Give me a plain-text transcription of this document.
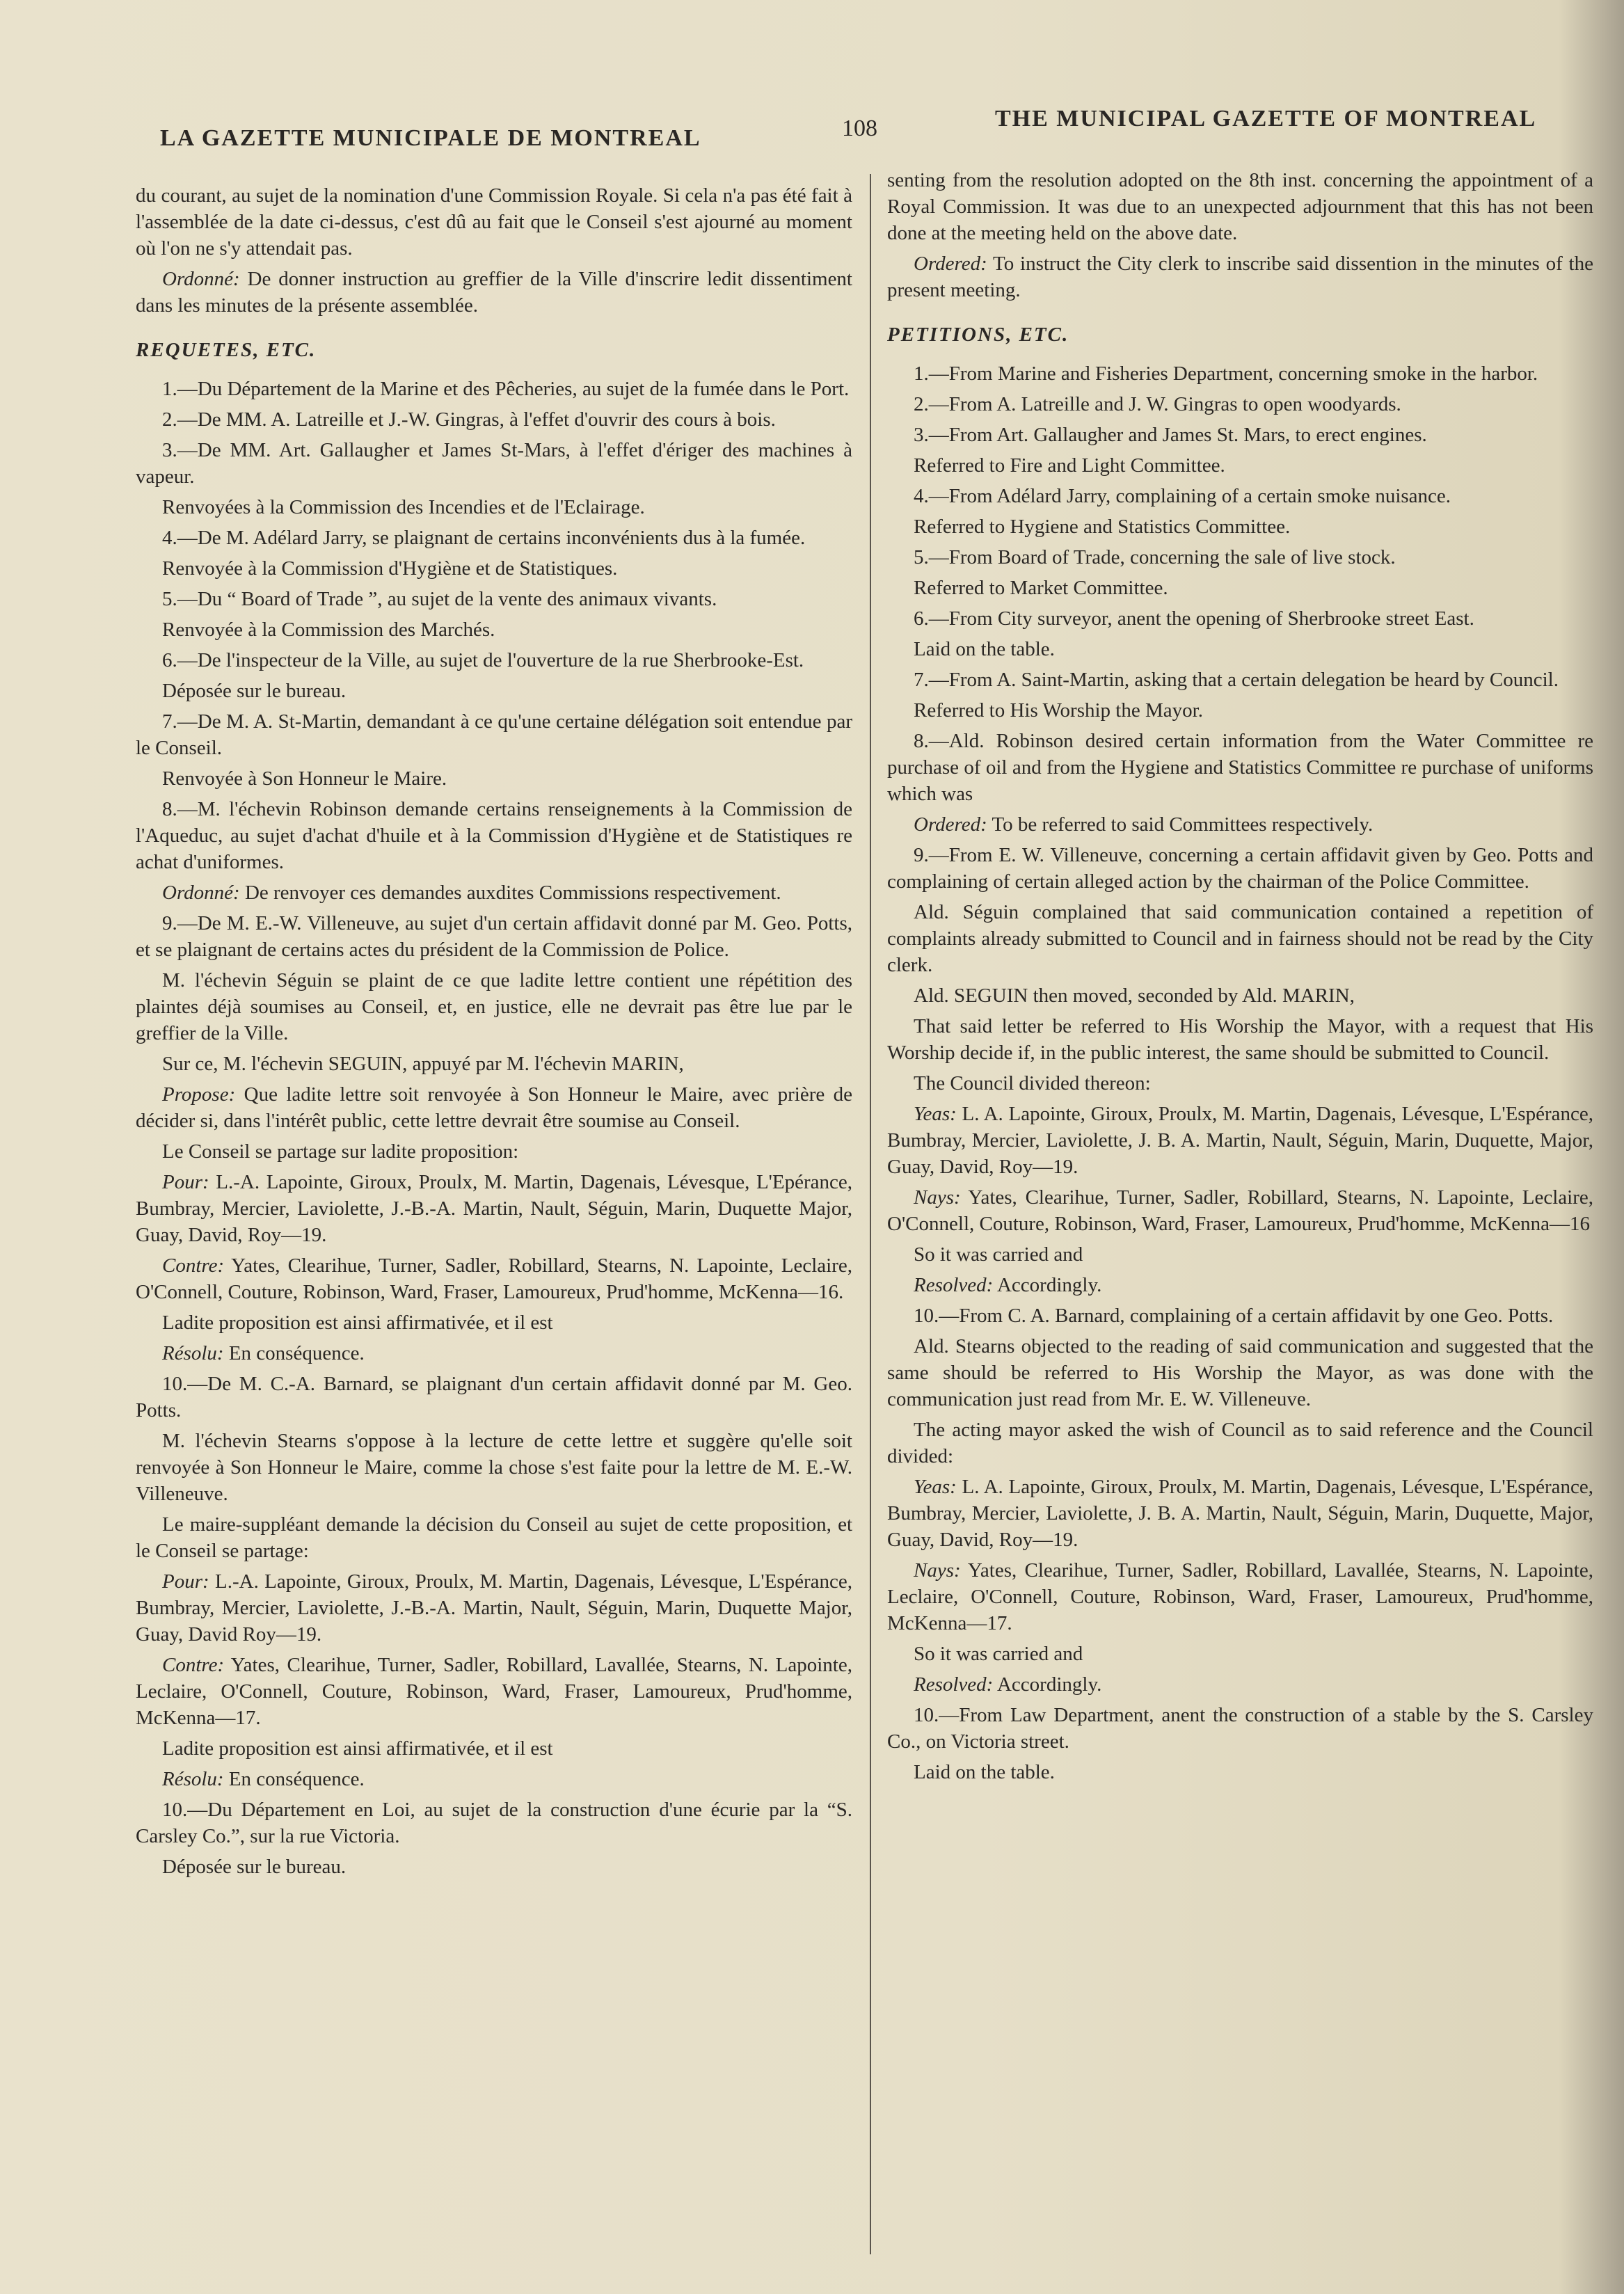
LA GAZETTE MUNICIPALE DE MONTREAL	108	THE MUNICIPAL GAZETTE OF MONTREAL

du courant, au sujet de la nomination d'une Commission Royale. Si cela n'a pas été fait à l'assemblée de la date ci-dessus, c'est dû au fait que le Conseil s'est ajourné au moment où l'on ne s'y attendait pas.

Ordonné: De donner instruction au greffier de la Ville d'inscrire ledit dissentiment dans les minutes de la présente assemblée.

REQUETES, ETC.

1.—Du Département de la Marine et des Pêcheries, au sujet de la fumée dans le Port.

2.—De MM. A. Latreille et J.-W. Gingras, à l'effet d'ouvrir des cours à bois.

3.—De MM. Art. Gallaugher et James St-Mars, à l'effet d'ériger des machines à vapeur.

Renvoyées à la Commission des Incendies et de l'Eclairage.

4.—De M. Adélard Jarry, se plaignant de certains inconvénients dus à la fumée.

Renvoyée à la Commission d'Hygiène et de Statistiques.

5.—Du “ Board of Trade ”, au sujet de la vente des animaux vivants.

Renvoyée à la Commission des Marchés.

6.—De l'inspecteur de la Ville, au sujet de l'ouverture de la rue Sherbrooke-Est.

Déposée sur le bureau.

7.—De M. A. St-Martin, demandant à ce qu'une certaine délégation soit entendue par le Conseil.

Renvoyée à Son Honneur le Maire.

8.—M. l'échevin Robinson demande certains renseignements à la Commission de l'Aqueduc, au sujet d'achat d'huile et à la Commission d'Hygiène et de Statistiques re achat d'uniformes.

Ordonné: De renvoyer ces demandes auxdites Commissions respectivement.

9.—De M. E.-W. Villeneuve, au sujet d'un certain affidavit donné par M. Geo. Potts, et se plaignant de certains actes du président de la Commission de Police.

M. l'échevin Séguin se plaint de ce que ladite lettre contient une répétition des plaintes déjà soumises au Conseil, et, en justice, elle ne devrait pas être lue par le greffier de la Ville.

Sur ce, M. l'échevin SEGUIN, appuyé par M. l'échevin MARIN,

Propose: Que ladite lettre soit renvoyée à Son Honneur le Maire, avec prière de décider si, dans l'intérêt public, cette lettre devrait être soumise au Conseil.

Le Conseil se partage sur ladite proposition:

Pour: L.-A. Lapointe, Giroux, Proulx, M. Martin, Dagenais, Lévesque, L'Epérance, Bumbray, Mercier, Laviolette, J.-B.-A. Martin, Nault, Séguin, Marin, Duquette Major, Guay, David, Roy—19.

Contre: Yates, Clearihue, Turner, Sadler, Robillard, Stearns, N. Lapointe, Leclaire, O'Connell, Couture, Robinson, Ward, Fraser, Lamoureux, Prud'homme, McKenna—16.

Ladite proposition est ainsi affirmativée, et il est

Résolu: En conséquence.

10.—De M. C.-A. Barnard, se plaignant d'un certain affidavit donné par M. Geo. Potts.

M. l'échevin Stearns s'oppose à la lecture de cette lettre et suggère qu'elle soit renvoyée à Son Honneur le Maire, comme la chose s'est faite pour la lettre de M. E.-W. Villeneuve.

Le maire-suppléant demande la décision du Conseil au sujet de cette proposition, et le Conseil se partage:

Pour: L.-A. Lapointe, Giroux, Proulx, M. Martin, Dagenais, Lévesque, L'Espérance, Bumbray, Mercier, Laviolette, J.-B.-A. Martin, Nault, Séguin, Marin, Duquette Major, Guay, David Roy—19.

Contre: Yates, Clearihue, Turner, Sadler, Robillard, Lavallée, Stearns, N. Lapointe, Leclaire, O'Connell, Couture, Robinson, Ward, Fraser, Lamoureux, Prud'homme, McKenna—17.

Ladite proposition est ainsi affirmativée, et il est

Résolu: En conséquence.

10.—Du Département en Loi, au sujet de la construction d'une écurie par la “S. Carsley Co.”, sur la rue Victoria.

Déposée sur le bureau.

senting from the resolution adopted on the 8th inst. concerning the appointment of a Royal Commission. It was due to an unexpected adjournment that this has not been done at the meeting held on the above date.

Ordered: To instruct the City clerk to inscribe said dissention in the minutes of the present meeting.

PETITIONS, ETC.

1.—From Marine and Fisheries Department, concerning smoke in the harbor.

2.—From A. Latreille and J. W. Gingras to open woodyards.

3.—From Art. Gallaugher and James St. Mars, to erect engines.

Referred to Fire and Light Committee.

4.—From Adélard Jarry, complaining of a certain smoke nuisance.

Referred to Hygiene and Statistics Committee.

5.—From Board of Trade, concerning the sale of live stock.

Referred to Market Committee.

6.—From City surveyor, anent the opening of Sherbrooke street East.

Laid on the table.

7.—From A. Saint-Martin, asking that a certain delegation be heard by Council.

Referred to His Worship the Mayor.

8.—Ald. Robinson desired certain information from the Water Committee re purchase of oil and from the Hygiene and Statistics Committee re purchase of uniforms which was

Ordered: To be referred to said Committees respectively.

9.—From E. W. Villeneuve, concerning a certain affidavit given by Geo. Potts and complaining of certain alleged action by the chairman of the Police Committee.

Ald. Séguin complained that said communication contained a repetition of complaints already submitted to Council and in fairness should not be read by the City clerk.

Ald. SEGUIN then moved, seconded by Ald. MARIN,

That said letter be referred to His Worship the Mayor, with a request that His Worship decide if, in the public interest, the same should be submitted to Council.

The Council divided thereon:

Yeas: L. A. Lapointe, Giroux, Proulx, M. Martin, Dagenais, Lévesque, L'Espérance, Bumbray, Mercier, Laviolette, J. B. A. Martin, Nault, Séguin, Marin, Duquette, Major, Guay, David, Roy—19.

Nays: Yates, Clearihue, Turner, Sadler, Robillard, Stearns, N. Lapointe, Leclaire, O'Connell, Couture, Robinson, Ward, Fraser, Lamoureux, Prud'homme, McKenna—16

So it was carried and

Resolved: Accordingly.

10.—From C. A. Barnard, complaining of a certain affidavit by one Geo. Potts.

Ald. Stearns objected to the reading of said communication and suggested that the same should be referred to His Worship the Mayor, as was done with the communication just read from Mr. E. W. Villeneuve.

The acting mayor asked the wish of Council as to said reference and the Council divided:

Yeas: L. A. Lapointe, Giroux, Proulx, M. Martin, Dagenais, Lévesque, L'Espérance, Bumbray, Mercier, Laviolette, J. B. A. Martin, Nault, Séguin, Marin, Duquette, Major, Guay, David, Roy—19.

Nays: Yates, Clearihue, Turner, Sadler, Robillard, Lavallée, Stearns, N. Lapointe, Leclaire, O'Connell, Couture, Robinson, Ward, Fraser, Lamoureux, Prud'homme, McKenna—17.

So it was carried and

Resolved: Accordingly.

10.—From Law Department, anent the construction of a stable by the S. Carsley Co., on Victoria street.

Laid on the table.
